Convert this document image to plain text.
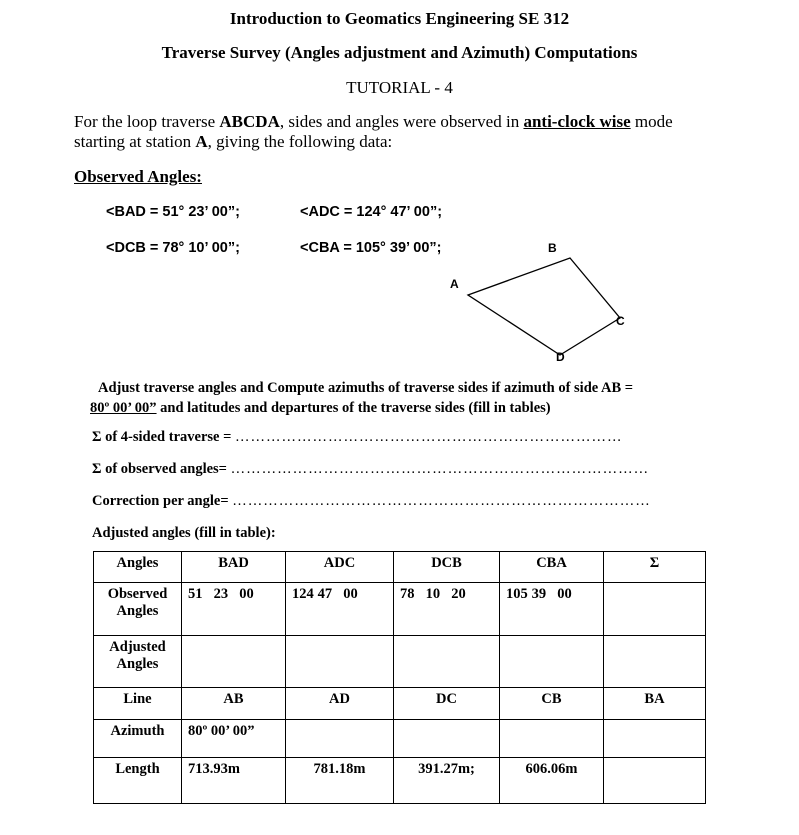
Introduction to Geomatics Engineering SE 312
Traverse Survey (Angles adjustment and Azimuth) Computations
TUTORIAL - 4
For the loop traverse ABCDA, sides and angles were observed in anti-clock wise mode starting at station A, giving the following data:
Observed Angles:
<BAD = 51° 23’ 00”;	<ADC = 124° 47’ 00”;
<DCB = 78° 10’ 00”;	<CBA = 105° 39’ 00”;	B
A
C
D
Adjust traverse angles and Compute azimuths of traverse sides if azimuth of side AB =
80º 00’ 00” and latitudes and departures of the traverse sides (fill in tables)
Σ of 4-sided traverse = …………………………………………………………………
Σ of observed angles= ………………………………………………………………………
Correction per angle= ………………………………………………………………………
Adjusted angles (fill in table):
Angles	BAD	ADC	DCB	CBA	Σ

Observed Angles	51 23 00	124 47 00	78 10 20	105 39 00	

Adjusted Angles					

Line	AB	AD	DC	CB	BA

Azimuth	80º 00’ 00”				

Length	713.93m	781.18m	391.27m;	606.06m	
